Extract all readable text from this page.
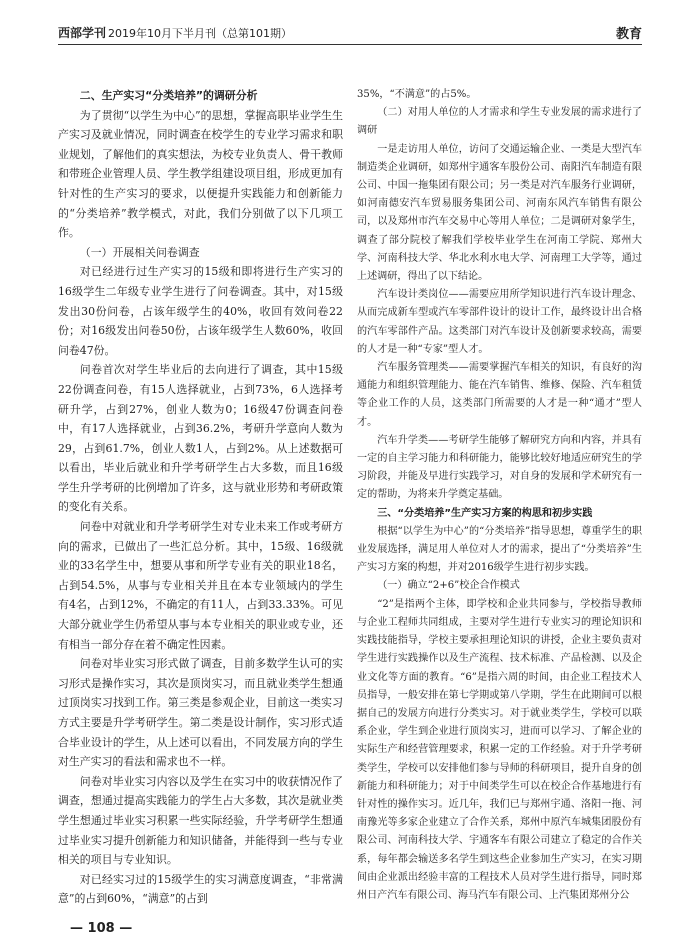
西部学刊 2019年10月下半月刊（总第101期）	教育
二、生产实习“分类培养”的调研分析

为了贯彻“以学生为中心”的思想，掌握高职毕业学生生产实习及就业情况，同时调查在校学生的专业学习需求和职业规划，了解他们的真实想法，为校专业负责人、骨干教师和带班企业管理人员、学生教学组建设项目组，形成更加有针对性的生产实习的要求，以便提升实践能力和创新能力的“分类培养”教学模式，对此，我们分别做了以下几项工作。

（一）开展相关问卷调查

对已经进行过生产实习的15级和即将进行生产实习的16级学生二年级专业学生进行了问卷调查。其中，对15级发出30份问卷，占该年级学生的40%，收回有效问卷22份；对16级发出问卷50份，占该年级学生人数60%，收回问卷47份。

问卷首次对学生毕业后的去向进行了调查，其中15级22份调查问卷，有15人选择就业，占到73%，6人选择考研升学，占到27%，创业人数为0；16级47份调查问卷中，有17人选择就业，占到36.2%，考研升学意向人数为29，占到61.7%，创业人数1人，占到2%。从上述数据可以看出，毕业后就业和升学考研学生占大多数，而且16级学生升学考研的比例增加了许多，这与就业形势和考研政策的变化有关系。

问卷中对就业和升学考研学生对专业未来工作或考研方向的需求，已做出了一些汇总分析。其中，15级、16级就业的33名学生中，想要从事和所学专业有关的职业18名，占到54.5%，从事与专业相关并且在本专业领域内的学生有4名，占到12%，不确定的有11人，占到33.33%。可见大部分就业学生仍希望从事与本专业相关的职业或专业，还有相当一部分存在着不确定性因素。

问卷对毕业实习形式做了调查，目前多数学生认可的实习形式是操作实习，其次是顶岗实习，而且就业类学生想通过顶岗实习找到工作。第三类是参观企业，目前这一类实习方式主要是升学考研学生。第二类是设计制作，实习形式适合毕业设计的学生，从上述可以看出，不同发展方向的学生对生产实习的看法和需求也不一样。

问卷对毕业实习内容以及学生在实习中的收获情况作了调查，想通过提高实践能力的学生占大多数，其次是就业类学生想通过毕业实习积累一些实际经验，升学考研学生想通过毕业实习提升创新能力和知识储备，并能得到一些与专业相关的项目与专业知识。

对已经实习过的15级学生的实习满意度调查，“非常满意”的占到60%，“满意”的占到

35%，“不满意”的占5%。

（二）对用人单位的人才需求和学生专业发展的需求进行了调研

一是走访用人单位，访问了交通运输企业、一类是大型汽车制造类企业调研，如郑州宇通客车股份公司、南阳汽车制造有限公司、中国一拖集团有限公司；另一类是对汽车服务行业调研，如河南德安汽车贸易服务集团公司、河南东风汽车销售有限公司，以及郑州市汽车交易中心等用人单位；二是调研对象学生，调查了部分院校了解我们学校毕业学生在河南工学院、郑州大学、河南科技大学、华北水利水电大学、河南理工大学等，通过上述调研，得出了以下结论。

汽车设计类岗位——需要应用所学知识进行汽车设计理念、从而完成新车型或汽车零部件设计的设计工作，最终设计出合格的汽车零部件产品。这类部门对汽车设计及创新要求较高，需要的人才是一种“专家”型人才。

汽车服务管理类——需要掌握汽车相关的知识，有良好的沟通能力和组织管理能力、能在汽车销售、维修、保险、汽车租赁等企业工作的人员，这类部门所需要的人才是一种“通才”型人才。

汽车升学类——考研学生能够了解研究方向和内容，并具有一定的自主学习能力和科研能力，能够比较好地适应研究生的学习阶段，并能及早进行实践学习，对自身的发展和学术研究有一定的帮助，为将来升学奠定基础。

三、“分类培养”生产实习方案的构思和初步实践

根据“以学生为中心”的“分类培养”指导思想，尊重学生的职业发展选择，满足用人单位对人才的需求，提出了“分类培养”生产实习方案的构想，并对2016级学生进行初步实践。

（一）确立“2+6”校企合作模式

“2”是指两个主体，即学校和企业共同参与，学校指导教师与企业工程师共同组成，主要对学生进行专业实习的理论知识和实践技能指导，学校主要承担理论知识的讲授，企业主要负责对学生进行实践操作以及生产流程、技术标准、产品检测、以及企业文化等方面的教育。“6”是指六周的时间，由企业工程技术人员指导，一般安排在第七学期或第八学期，学生在此期间可以根据自己的发展方向进行分类实习。对于就业类学生，学校可以联系企业，学生到企业进行顶岗实习，进而可以学习、了解企业的实际生产和经营管理要求，积累一定的工作经验。对于升学考研类学生，学校可以安排他们参与导师的科研项目，提升自身的创新能力和科研能力；对于中间类学生可以在校企合作基地进行有针对性的操作实习。近几年，我们已与郑州宇通、洛阳一拖、河南豫光等多家企业建立了合作关系，郑州中原汽车城集团股份有限公司、河南科技大学、宇通客车有限公司建立了稳定的合作关系，每年都会输送多名学生到这些企业参加生产实习，在实习期间由企业派出经验丰富的工程技术人员对学生进行指导，同时郑州日产汽车有限公司、海马汽车有限公司、上汽集团郑州分公

— 108 —
